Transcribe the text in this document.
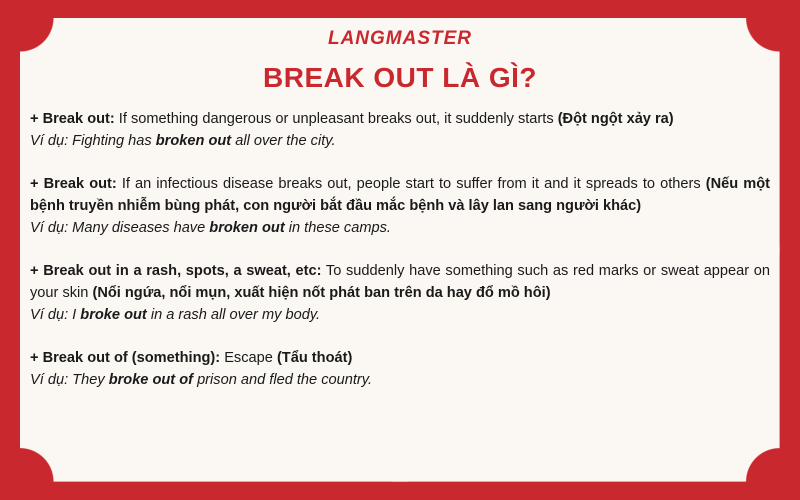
LANGMASTER
BREAK OUT LÀ GÌ?

+ Break out: If something dangerous or unpleasant breaks out, it suddenly starts (Đột ngột xảy ra)

Ví dụ: Fighting has broken out all over the city.

+ Break out: If an infectious disease breaks out, people start to suffer from it and it spreads to others (Nếu một bệnh truyền nhiễm bùng phát, con người bắt đầu mắc bệnh và lây lan sang người khác)

Ví dụ: Many diseases have broken out in these camps.

+ Break out in a rash, spots, a sweat, etc: To suddenly have something such as red marks or sweat appear on your skin (Nổi ngứa, nổi mụn, xuất hiện nốt phát ban trên da hay đổ mồ hôi)

Ví dụ: I broke out in a rash all over my body.

+ Break out of (something): Escape (Tẩu thoát)

Ví dụ: They broke out of prison and fled the country.
